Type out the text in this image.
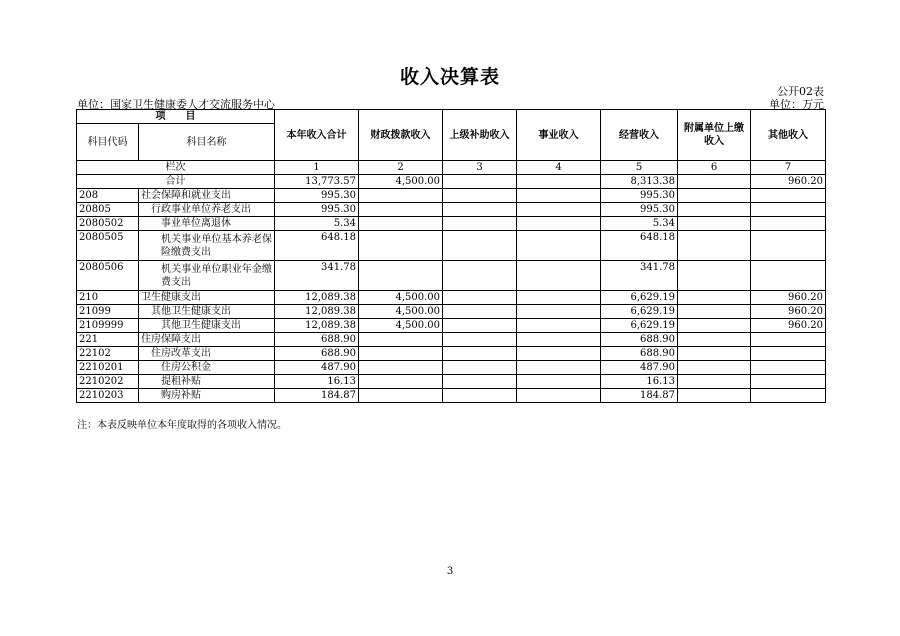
收入决算表
公开02表
单位：国家卫生健康委人才交流服务中心	单位：万元
项　　目		本年收入合计	财政拨款收入	上级补助收入	事业收入	经营收入	附属单位上缴收入	其他收入
科目代码	科目名称							
栏次		1	2	3	4	5	6	7
合计		13,773.57	4,500.00			8,313.38		960.20
208	社会保障和就业支出	995.30				995.30		
20805	行政事业单位养老支出	995.30				995.30		
2080502	事业单位离退休	5.34				5.34		
2080505	机关事业单位基本养老保险缴费支出	648.18				648.18		
2080506	机关事业单位职业年金缴费支出	341.78				341.78		
210	卫生健康支出	12,089.38	4,500.00			6,629.19		960.20
21099	其他卫生健康支出	12,089.38	4,500.00			6,629.19		960.20
2109999	其他卫生健康支出	12,089.38	4,500.00			6,629.19		960.20
221	住房保障支出	688.90				688.90		
22102	住房改革支出	688.90				688.90		
2210201	住房公积金	487.90				487.90		
2210202	提租补贴	16.13				16.13		
2210203	购房补贴	184.87				184.87		
注：本表反映单位本年度取得的各项收入情况。
3
